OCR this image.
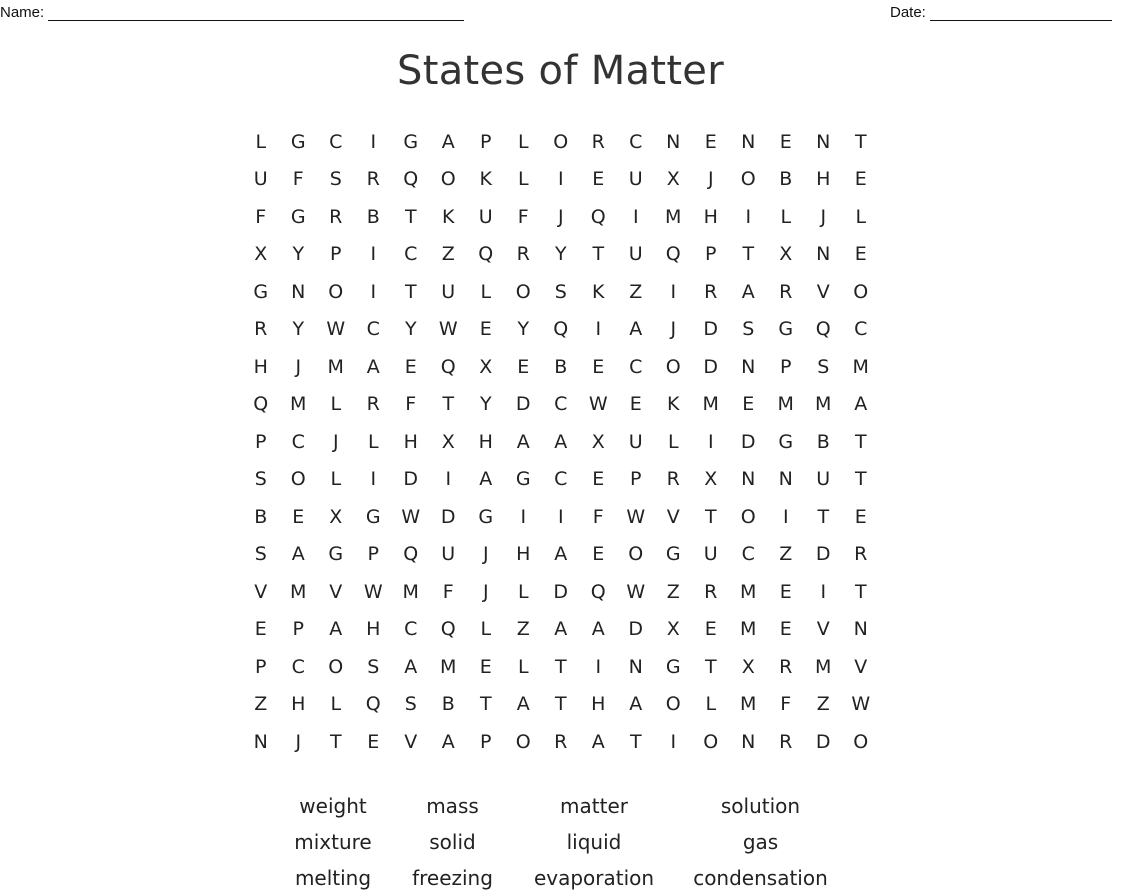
Name:	Date:
States of Matter
L	G	C	I	G	A	P	L	O	R	C	N	E	N	E	N	T
U	F	S	R	Q	O	K	L	I	E	U	X	J	O	B	H	E
F	G	R	B	T	K	U	F	J	Q	I	M	H	I	L	J	L
X	Y	P	I	C	Z	Q	R	Y	T	U	Q	P	T	X	N	E
G	N	O	I	T	U	L	O	S	K	Z	I	R	A	R	V	O
R	Y	W	C	Y	W	E	Y	Q	I	A	J	D	S	G	Q	C
H	J	M	A	E	Q	X	E	B	E	C	O	D	N	P	S	M
Q	M	L	R	F	T	Y	D	C	W	E	K	M	E	M	M	A
P	C	J	L	H	X	H	A	A	X	U	L	I	D	G	B	T
S	O	L	I	D	I	A	G	C	E	P	R	X	N	N	U	T
B	E	X	G	W	D	G	I	I	F	W	V	T	O	I	T	E
S	A	G	P	Q	U	J	H	A	E	O	G	U	C	Z	D	R
V	M	V	W	M	F	J	L	D	Q	W	Z	R	M	E	I	T
E	P	A	H	C	Q	L	Z	A	A	D	X	E	M	E	V	N
P	C	O	S	A	M	E	L	T	I	N	G	T	X	R	M	V
Z	H	L	Q	S	B	T	A	T	H	A	O	L	M	F	Z	W
N	J	T	E	V	A	P	O	R	A	T	I	O	N	R	D	O
weight	mass	matter	solution
mixture	solid	liquid	gas
melting	freezing	evaporation	condensation
